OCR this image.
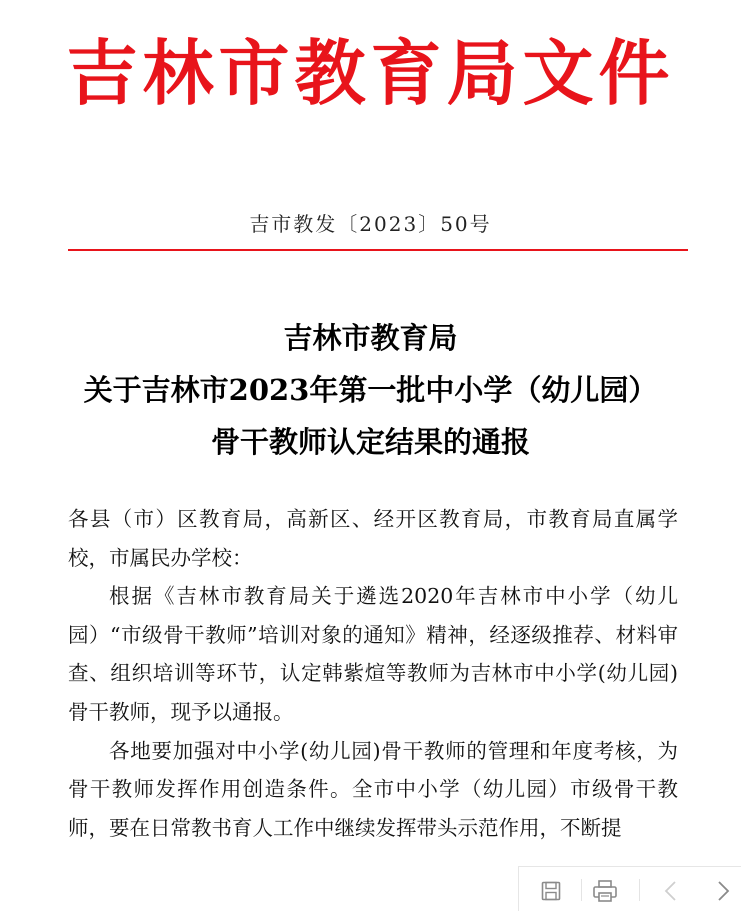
吉林市教育局文件
吉市教发〔2023〕50号
吉林市教育局
关于吉林市2023年第一批中小学（幼儿园）
骨干教师认定结果的通报

各县（市）区教育局，高新区、经开区教育局，市教育局直属学校，市属民办学校：

根据《吉林市教育局关于遴选2020年吉林市中小学（幼儿园）“市级骨干教师”培训对象的通知》精神，经逐级推荐、材料审查、组织培训等环节，认定韩紫煊等教师为吉林市中小学(幼儿园)骨干教师，现予以通报。

各地要加强对中小学(幼儿园)骨干教师的管理和年度考核，为骨干教师发挥作用创造条件。全市中小学（幼儿园）市级骨干教师，要在日常教书育人工作中继续发挥带头示范作用，不断提
